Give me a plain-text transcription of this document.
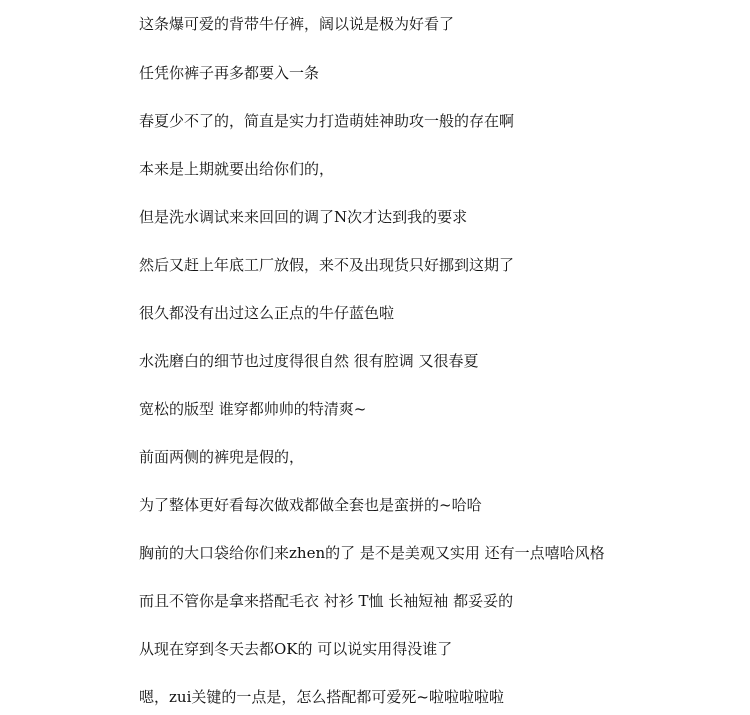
这条爆可爱的背带牛仔裤，阔以说是极为好看了

任凭你裤子再多都要入一条

春夏少不了的，简直是实力打造萌娃神助攻一般的存在啊

本来是上期就要出给你们的，

但是洗水调试来来回回的调了N次才达到我的要求

然后又赶上年底工厂放假，来不及出现货只好挪到这期了

很久都没有出过这么正点的牛仔蓝色啦

水洗磨白的细节也过度得很自然 很有腔调 又很春夏

宽松的版型 谁穿都帅帅的特清爽~

前面两侧的裤兜是假的，

为了整体更好看每次做戏都做全套也是蛮拼的~哈哈

胸前的大口袋给你们来zhen的了 是不是美观又实用 还有一点嘻哈风格

而且不管你是拿来搭配毛衣 衬衫 T恤 长袖短袖 都妥妥的

从现在穿到冬天去都OK的 可以说实用得没谁了

嗯，zui关键的一点是，怎么搭配都可爱死~啦啦啦啦啦
